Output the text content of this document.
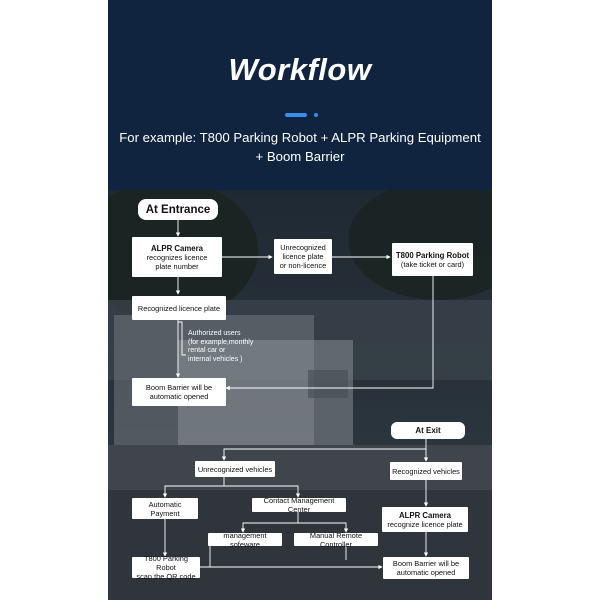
Workflow
For example: T800 Parking Robot + ALPR Parking Equipment
+ Boom Barrier
At Entrance
ALPR Camera
recognizes licence
plate number
Unrecognized
licence plate
or non-licence
T800 Parking Robot
(take ticket or card)
Recognized licence plate
Authorized users
(for example,monthly
rental car or
internal vehicles )
Boom Barrier will be
automatic opened
At Exit
Unrecognized vehicles	Recognized vehicles
Automatic Payment
Contact Management Center
ALPR Camera
recognize licence plate
management sofeware
Manual Remote Controller
T800 Parking Robot
scan the QR code
Boom Barrier will be
automatic opened
